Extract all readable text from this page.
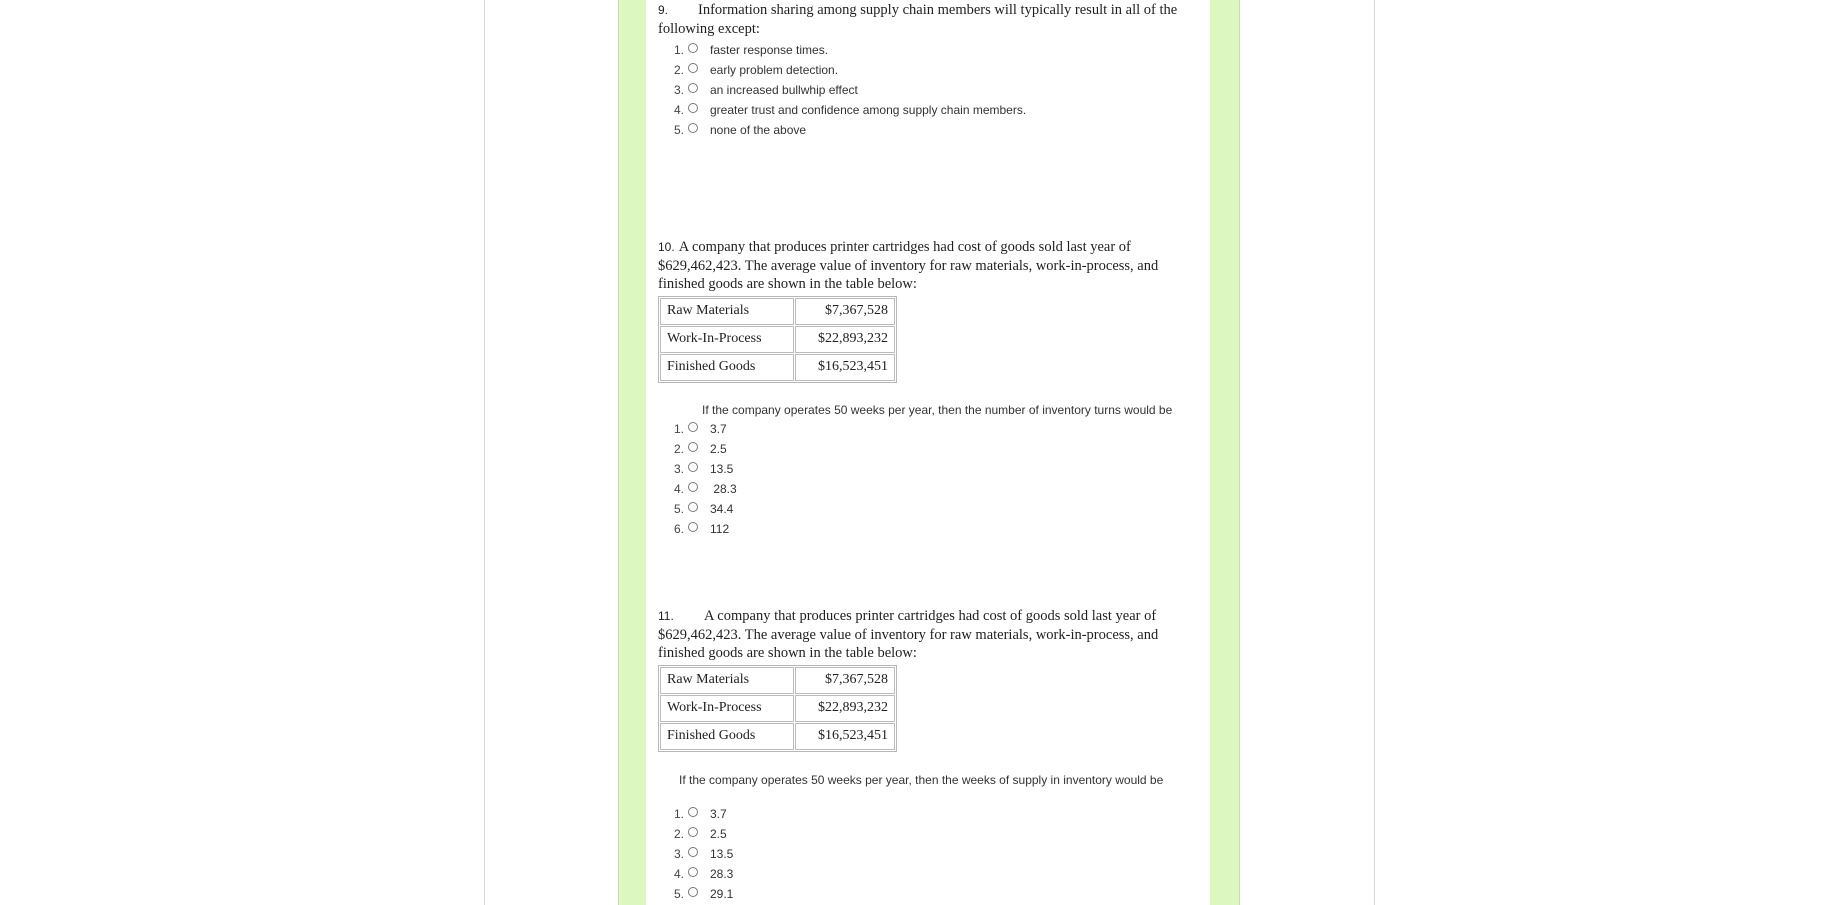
9. Information sharing among supply chain members will typically result in all of the following except:

1. faster response times.
2. early problem detection.
3. an increased bullwhip effect
4. greater trust and confidence among supply chain members.
5. none of the above

10. A company that produces printer cartridges had cost of goods sold last year of $629,462,423. The average value of inventory for raw materials, work-in-process, and finished goods are shown in the table below:

Raw Materials	$7,367,528
Work-In-Process	$22,893,232
Finished Goods	$16,523,451

If the company operates 50 weeks per year, then the number of inventory turns would be

1. 3.7
2. 2.5
3. 13.5
4. 28.3
5. 34.4
6. 112

11. A company that produces printer cartridges had cost of goods sold last year of $629,462,423. The average value of inventory for raw materials, work-in-process, and finished goods are shown in the table below:

Raw Materials	$7,367,528
Work-In-Process	$22,893,232
Finished Goods	$16,523,451

If the company operates 50 weeks per year, then the weeks of supply in inventory would be

1. 3.7
2. 2.5
3. 13.5
4. 28.3
5. 29.1
